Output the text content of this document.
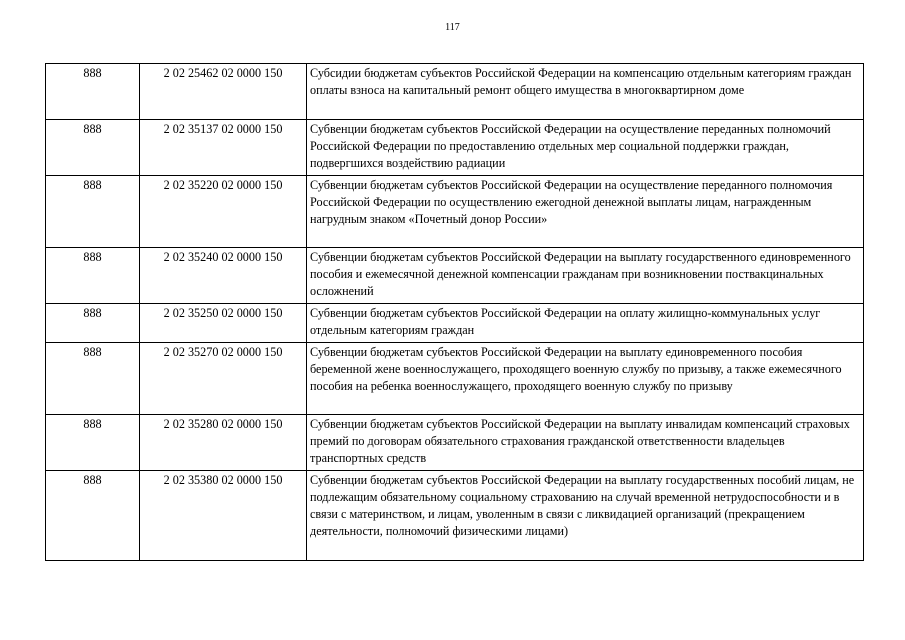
117
888	2 02 25462 02 0000 150	Субсидии бюджетам субъектов Российской Федерации на компенсацию отдельным категориям граждан оплаты взноса на капитальный ремонт общего имущества в многоквартирном доме
888	2 02 35137 02 0000 150	Субвенции бюджетам субъектов Российской Федерации на осуществление переданных полномочий Российской Федерации по предоставлению отдельных мер социальной поддержки граждан, подвергшихся воздействию радиации
888	2 02 35220 02 0000 150	Субвенции бюджетам субъектов Российской Федерации на осуществление переданного полномочия Российской Федерации по осуществлению ежегодной денежной выплаты лицам, награжденным нагрудным знаком «Почетный донор России»
888	2 02 35240 02 0000 150	Субвенции бюджетам субъектов Российской Федерации на выплату государственного единовременного пособия и ежемесячной денежной компенсации гражданам при возникновении поствакцинальных осложнений
888	2 02 35250 02 0000 150	Субвенции бюджетам субъектов Российской Федерации на оплату жилищно-коммунальных услуг отдельным категориям граждан
888	2 02 35270 02 0000 150	Субвенции бюджетам субъектов Российской Федерации на выплату единовременного пособия беременной жене военнослужащего, проходящего военную службу по призыву, а также ежемесячного пособия на ребенка военнослужащего, проходящего военную службу по призыву
888	2 02 35280 02 0000 150	Субвенции бюджетам субъектов Российской Федерации на выплату инвалидам компенсаций страховых премий по договорам обязательного страхования гражданской ответственности владельцев транспортных средств
888	2 02 35380 02 0000 150	Субвенции бюджетам субъектов Российской Федерации на выплату государственных пособий лицам, не подлежащим обязательному социальному страхованию на случай временной нетрудоспособности и в связи с материнством, и лицам, уволенным в связи с ликвидацией организаций (прекращением деятельности, полномочий физическими лицами)
